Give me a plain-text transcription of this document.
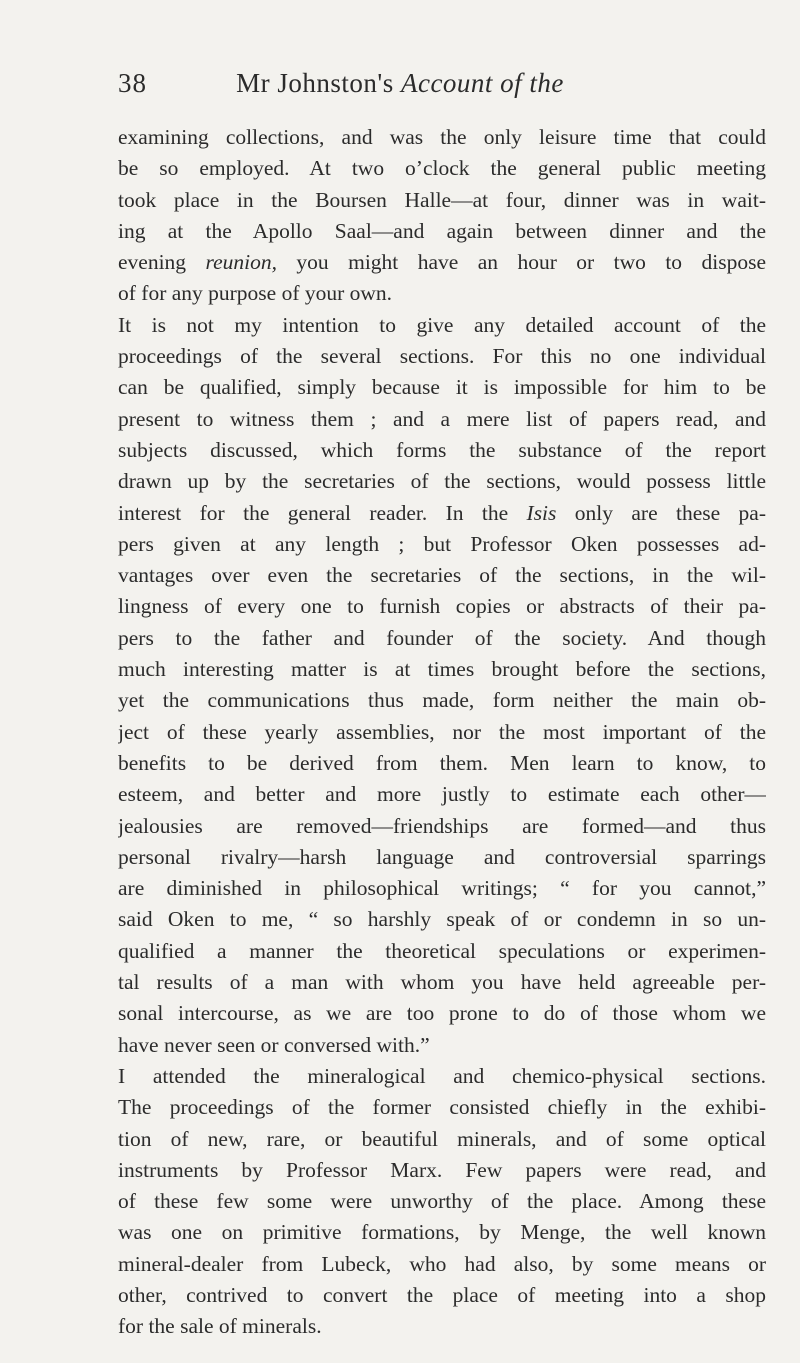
38	Mr Johnston's Account of the
examining collections, and was the only leisure time that could
be so employed. At two o’clock the general public meeting
took place in the Boursen Halle—at four, dinner was in wait-
ing at the Apollo Saal—and again between dinner and the
evening reunion, you might have an hour or two to dispose
of for any purpose of your own.
It is not my intention to give any detailed account of the
proceedings of the several sections. For this no one individual
can be qualified, simply because it is impossible for him to be
present to witness them ; and a mere list of papers read, and
subjects discussed, which forms the substance of the report
drawn up by the secretaries of the sections, would possess little
interest for the general reader. In the Isis only are these pa-
pers given at any length ; but Professor Oken possesses ad-
vantages over even the secretaries of the sections, in the wil-
lingness of every one to furnish copies or abstracts of their pa-
pers to the father and founder of the society. And though
much interesting matter is at times brought before the sections,
yet the communications thus made, form neither the main ob-
ject of these yearly assemblies, nor the most important of the
benefits to be derived from them. Men learn to know, to
esteem, and better and more justly to estimate each other—
jealousies are removed—friendships are formed—and thus
personal rivalry—harsh language and controversial sparrings
are diminished in philosophical writings; “ for you cannot,”
said Oken to me, “ so harshly speak of or condemn in so un-
qualified a manner the theoretical speculations or experimen-
tal results of a man with whom you have held agreeable per-
sonal intercourse, as we are too prone to do of those whom we
have never seen or conversed with.”
I attended the mineralogical and chemico-physical sections.
The proceedings of the former consisted chiefly in the exhibi-
tion of new, rare, or beautiful minerals, and of some optical
instruments by Professor Marx. Few papers were read, and
of these few some were unworthy of the place. Among these
was one on primitive formations, by Menge, the well known
mineral-dealer from Lubeck, who had also, by some means or
other, contrived to convert the place of meeting into a shop
for the sale of minerals.
